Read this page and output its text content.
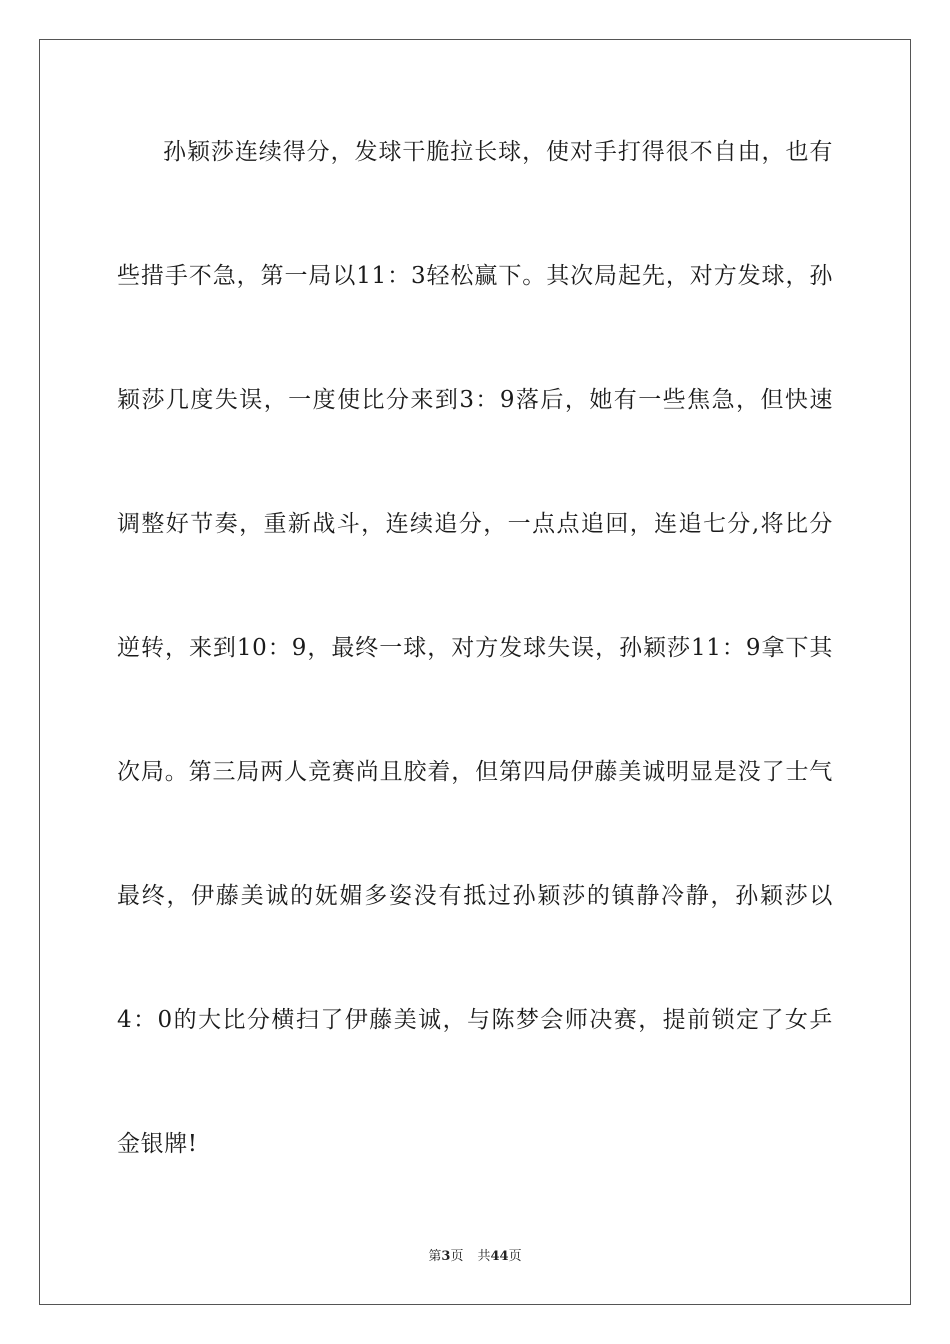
孙颖莎连续得分，发球干脆拉长球，使对手打得很不自由，也有
些措手不急，第一局以11：3轻松赢下。其次局起先，对方发球，孙
颖莎几度失误，一度使比分来到3：9落后，她有一些焦急，但快速
调整好节奏，重新战斗，连续追分，一点点追回，连追七分,将比分
逆转，来到10：9，最终一球，对方发球失误，孙颖莎11：9拿下其
次局。第三局两人竞赛尚且胶着，但第四局伊藤美诚明显是没了士气
最终，伊藤美诚的妩媚多姿没有抵过孙颖莎的镇静冷静，孙颖莎以
4：0的大比分横扫了伊藤美诚，与陈梦会师决赛，提前锁定了女乒
金银牌!
第3页 共44页
